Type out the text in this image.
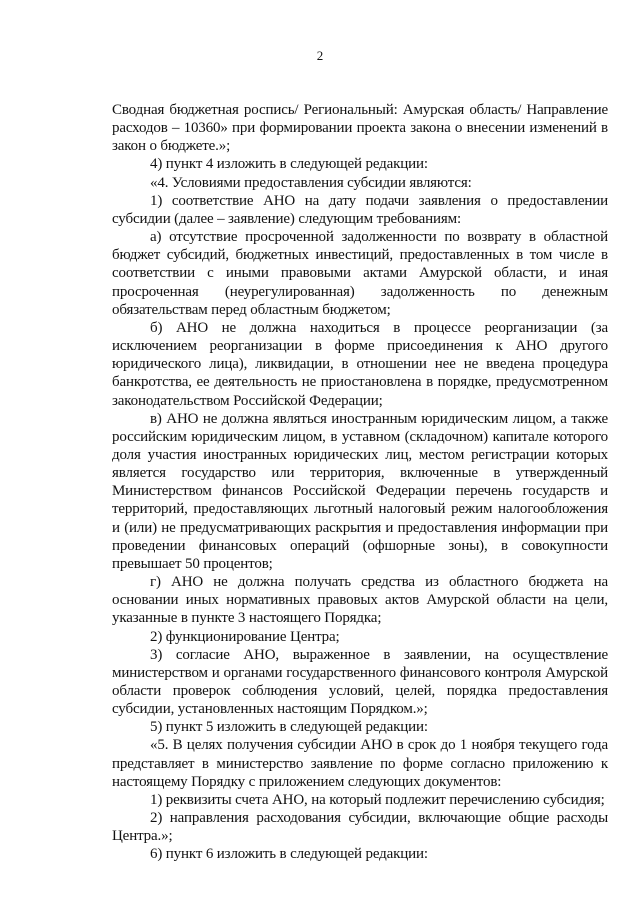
2

Сводная бюджетная роспись/ Региональный: Амурская область/ Направление расходов – 10360» при формировании проекта закона о внесении изменений в закон о бюджете.»;

4) пункт 4 изложить в следующей редакции:

«4. Условиями предоставления субсидии являются:

1) соответствие АНО на дату подачи заявления о предоставлении субсидии (далее – заявление) следующим требованиям:

а) отсутствие просроченной задолженности по возврату в областной бюджет субсидий, бюджетных инвестиций, предоставленных в том числе в соответствии с иными правовыми актами Амурской области, и иная просроченная (неурегулированная) задолженность по денежным обязательствам перед областным бюджетом;

б) АНО не должна находиться в процессе реорганизации (за исключением реорганизации в форме присоединения к АНО другого юридического лица), ликвидации, в отношении нее не введена процедура банкротства, ее деятельность не приостановлена в порядке, предусмотренном законодательством Российской Федерации;

в) АНО не должна являться иностранным юридическим лицом, а также российским юридическим лицом, в уставном (складочном) капитале которого доля участия иностранных юридических лиц, местом регистрации которых является государство или территория, включенные в утвержденный Министерством финансов Российской Федерации перечень государств и территорий, предоставляющих льготный налоговый режим налогообложения и (или) не предусматривающих раскрытия и предоставления информации при проведении финансовых операций (офшорные зоны), в совокупности превышает 50 процентов;

г) АНО не должна получать средства из областного бюджета на основании иных нормативных правовых актов Амурской области на цели, указанные в пункте 3 настоящего Порядка;

2) функционирование Центра;

3) согласие АНО, выраженное в заявлении, на осуществление министерством и органами государственного финансового контроля Амурской области проверок соблюдения условий, целей, порядка предоставления субсидии, установленных настоящим Порядком.»;

5) пункт 5 изложить в следующей редакции:

«5. В целях получения субсидии АНО в срок до 1 ноября текущего года представляет в министерство заявление по форме согласно приложению к настоящему Порядку с приложением следующих документов:

1) реквизиты счета АНО, на который подлежит перечислению субсидия;

2) направления расходования субсидии, включающие общие расходы Центра.»;

6) пункт 6 изложить в следующей редакции:
